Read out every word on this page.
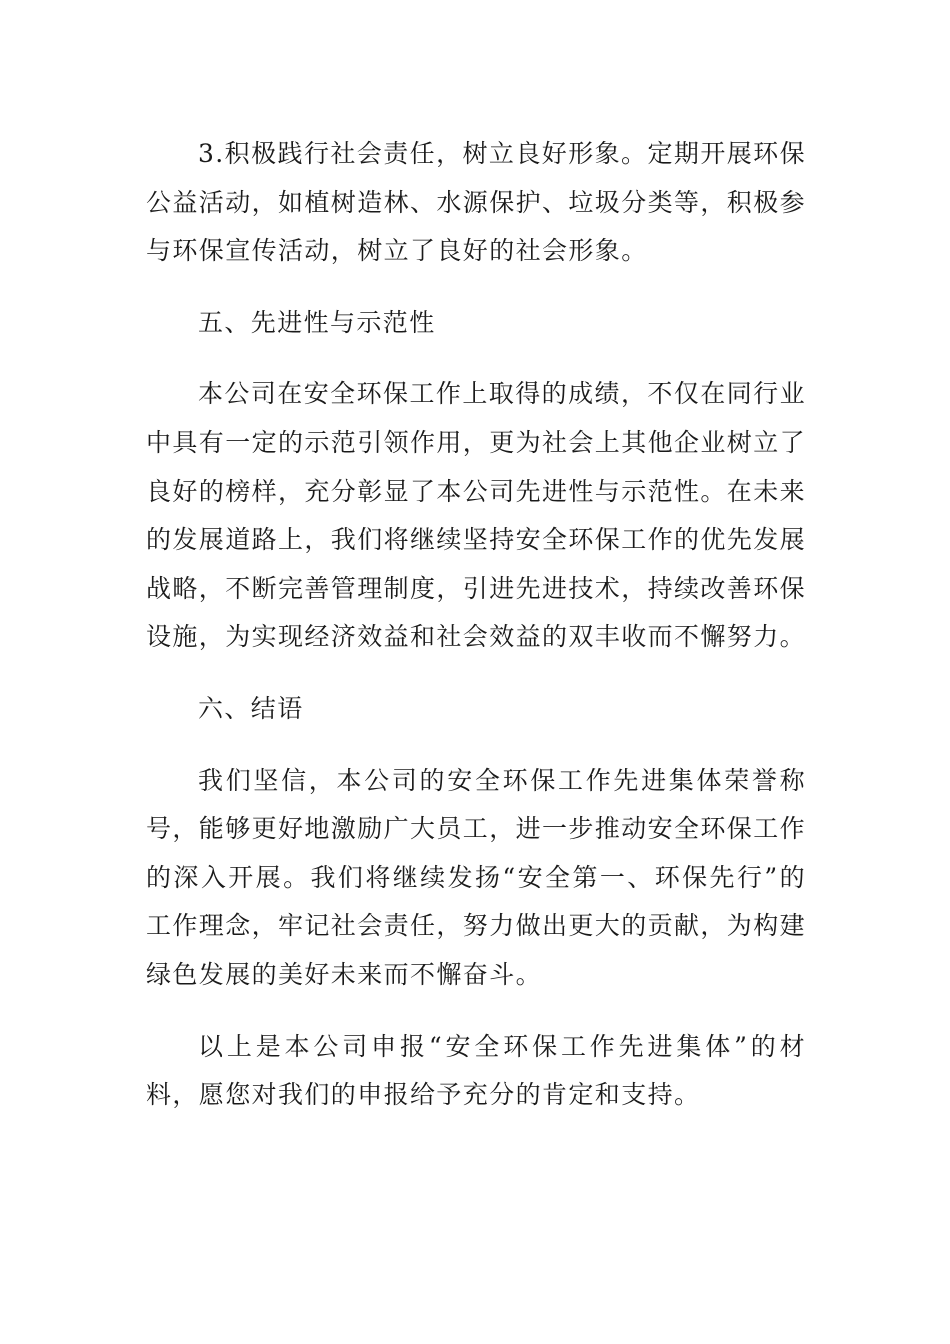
3.积极践行社会责任，树立良好形象。定期开展环保公益活动，如植树造林、水源保护、垃圾分类等，积极参与环保宣传活动，树立了良好的社会形象。

五、先进性与示范性

本公司在安全环保工作上取得的成绩，不仅在同行业中具有一定的示范引领作用，更为社会上其他企业树立了良好的榜样，充分彰显了本公司先进性与示范性。在未来的发展道路上，我们将继续坚持安全环保工作的优先发展战略，不断完善管理制度，引进先进技术，持续改善环保设施，为实现经济效益和社会效益的双丰收而不懈努力。

六、结语

我们坚信，本公司的安全环保工作先进集体荣誉称号，能够更好地激励广大员工，进一步推动安全环保工作的深入开展。我们将继续发扬“安全第一、环保先行”的工作理念，牢记社会责任，努力做出更大的贡献，为构建绿色发展的美好未来而不懈奋斗。

以上是本公司申报“安全环保工作先进集体”的材料，愿您对我们的申报给予充分的肯定和支持。
